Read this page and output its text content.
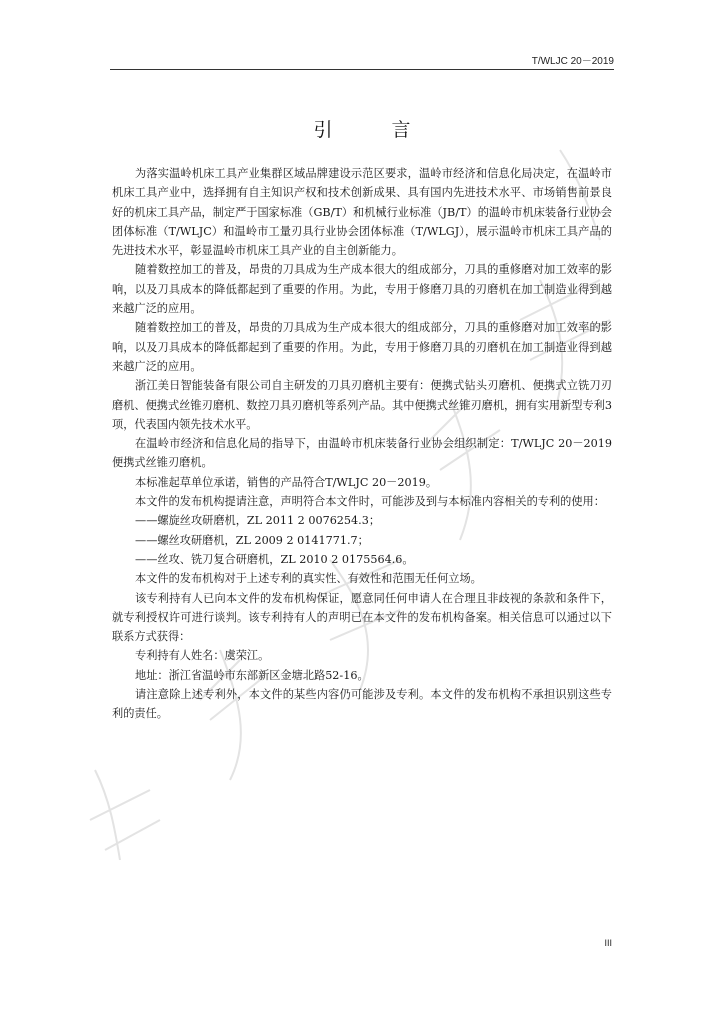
T/WLJC 20－2019
引　言

为落实温岭机床工具产业集群区域品牌建设示范区要求，温岭市经济和信息化局决定，在温岭市机床工具产业中，选择拥有自主知识产权和技术创新成果、具有国内先进技术水平、市场销售前景良好的机床工具产品，制定严于国家标准（GB/T）和机械行业标准（JB/T）的温岭市机床装备行业协会团体标准（T/WLJC）和温岭市工量刃具行业协会团体标准（T/WLGJ），展示温岭市机床工具产品的先进技术水平，彰显温岭市机床工具产业的自主创新能力。

随着数控加工的普及，昂贵的刀具成为生产成本很大的组成部分，刀具的重修磨对加工效率的影响，以及刀具成本的降低都起到了重要的作用。为此，专用于修磨刀具的刃磨机在加工制造业得到越来越广泛的应用。

随着数控加工的普及，昂贵的刀具成为生产成本很大的组成部分，刀具的重修磨对加工效率的影响，以及刀具成本的降低都起到了重要的作用。为此，专用于修磨刀具的刃磨机在加工制造业得到越来越广泛的应用。

浙江美日智能装备有限公司自主研发的刀具刃磨机主要有：便携式钻头刃磨机、便携式立铣刀刃磨机、便携式丝锥刃磨机、数控刀具刃磨机等系列产品。其中便携式丝锥刃磨机，拥有实用新型专利3项，代表国内领先技术水平。

在温岭市经济和信息化局的指导下，由温岭市机床装备行业协会组织制定：T/WLJC 20－2019　便携式丝锥刃磨机。

本标准起草单位承诺，销售的产品符合T/WLJC 20－2019。

本文件的发布机构提请注意，声明符合本文件时，可能涉及到与本标准内容相关的专利的使用：

——螺旋丝攻研磨机，ZL 2011 2 0076254.3；

——螺丝攻研磨机，ZL 2009 2 0141771.7；

——丝攻、铣刀复合研磨机，ZL 2010 2 0175564.6。

本文件的发布机构对于上述专利的真实性、有效性和范围无任何立场。

该专利持有人已向本文件的发布机构保证，愿意同任何申请人在合理且非歧视的条款和条件下，就专利授权许可进行谈判。该专利持有人的声明已在本文件的发布机构备案。相关信息可以通过以下联系方式获得：

专利持有人姓名：虞荣江。

地址：浙江省温岭市东部新区金塘北路52-16。

请注意除上述专利外，本文件的某些内容仍可能涉及专利。本文件的发布机构不承担识别这些专利的责任。

III
